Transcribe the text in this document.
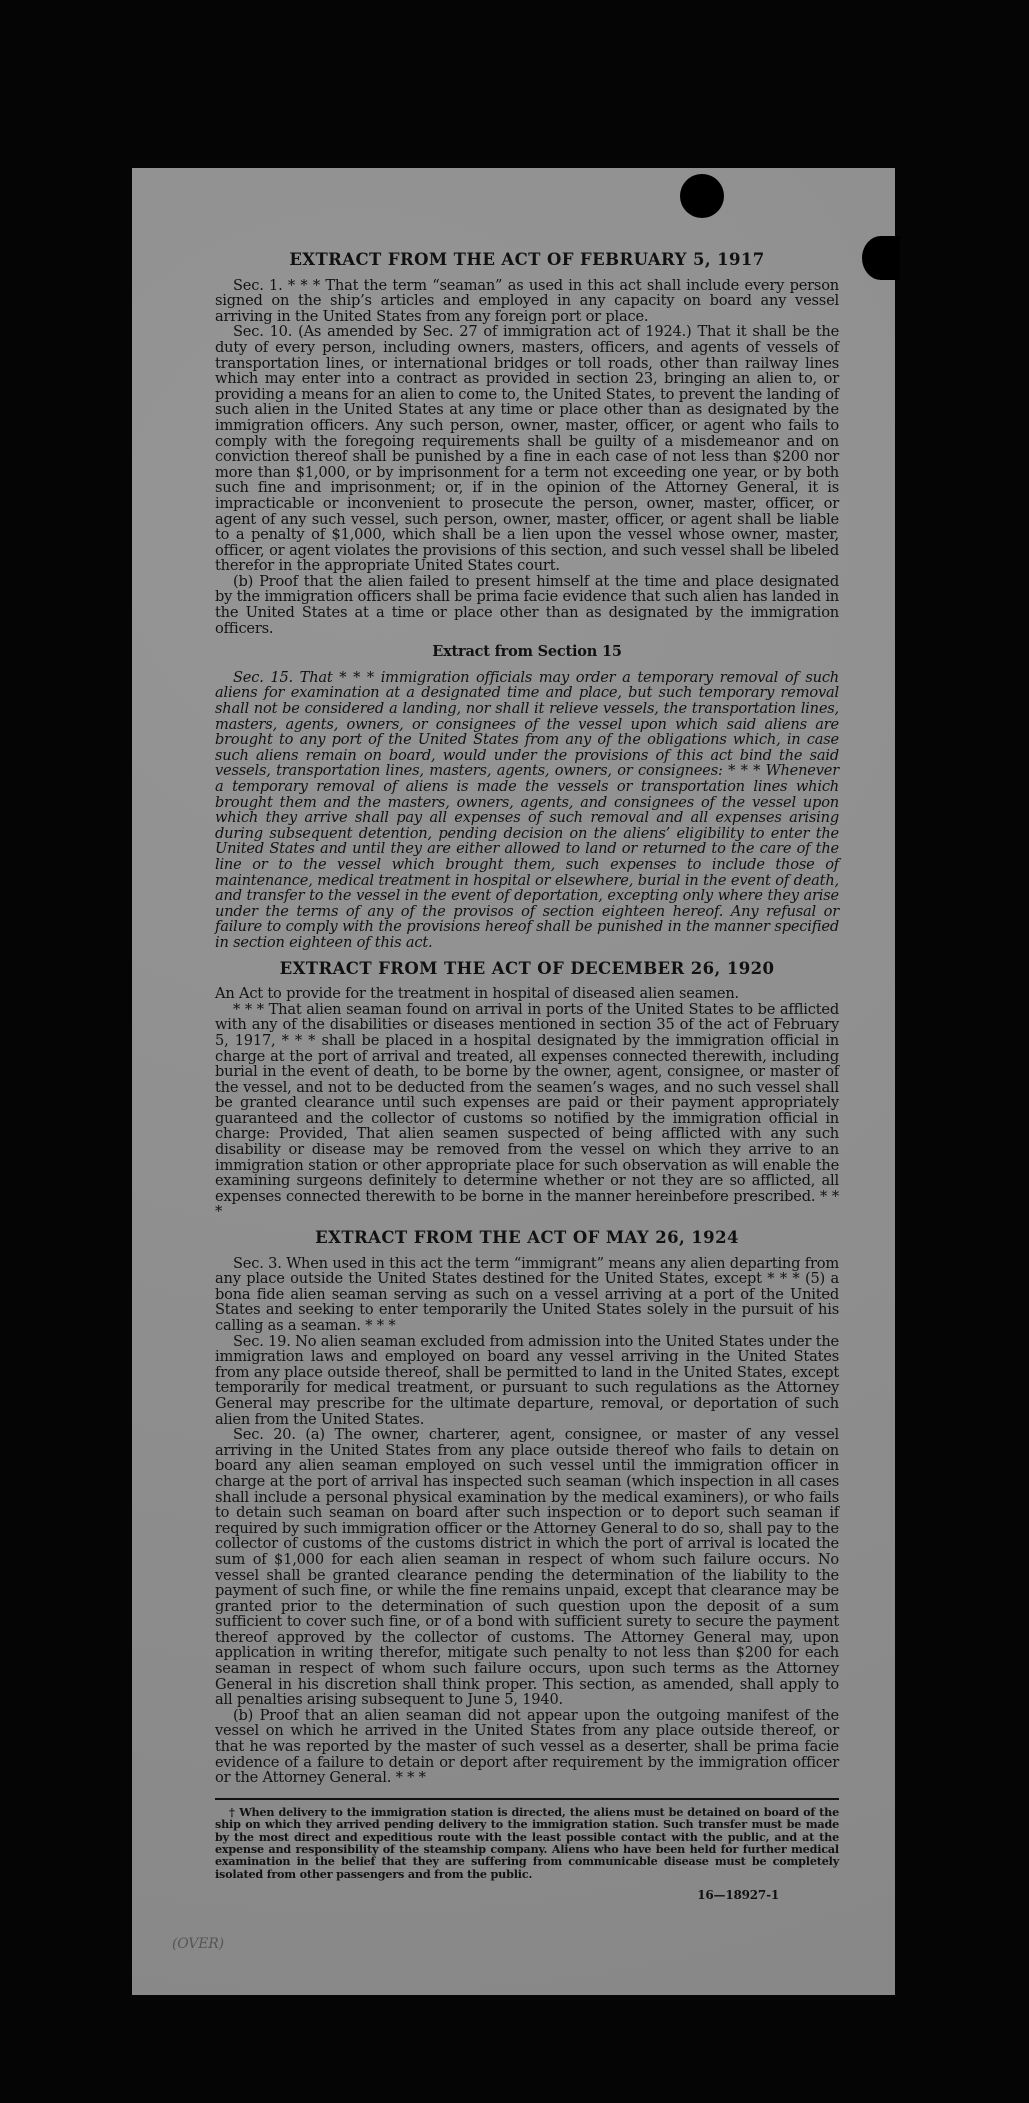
EXTRACT FROM THE ACT OF FEBRUARY 5, 1917

Sec. 1. * * * That the term “seaman” as used in this act shall include every person signed on the ship’s articles and employed in any capacity on board any vessel arriving in the United States from any foreign port or place.

Sec. 10. (As amended by Sec. 27 of immigration act of 1924.) That it shall be the duty of every person, including owners, masters, officers, and agents of vessels of transportation lines, or international bridges or toll roads, other than railway lines which may enter into a contract as provided in section 23, bringing an alien to, or providing a means for an alien to come to, the United States, to prevent the landing of such alien in the United States at any time or place other than as designated by the immigration officers. Any such person, owner, master, officer, or agent who fails to comply with the foregoing requirements shall be guilty of a misdemeanor and on conviction thereof shall be punished by a fine in each case of not less than $200 nor more than $1,000, or by imprisonment for a term not exceeding one year, or by both such fine and imprisonment; or, if in the opinion of the Attorney General, it is impracticable or inconvenient to prosecute the person, owner, master, officer, or agent of any such vessel, such person, owner, master, officer, or agent shall be liable to a penalty of $1,000, which shall be a lien upon the vessel whose owner, master, officer, or agent violates the provisions of this section, and such vessel shall be libeled therefor in the appropriate United States court.

(b) Proof that the alien failed to present himself at the time and place designated by the immigration officers shall be prima facie evidence that such alien has landed in the United States at a time or place other than as designated by the immigration officers.

Extract from Section 15

Sec. 15. That * * * immigration officials may order a temporary removal of such aliens for examination at a designated time and place, but such temporary removal shall not be considered a landing, nor shall it relieve vessels, the transportation lines, masters, agents, owners, or consignees of the vessel upon which said aliens are brought to any port of the United States from any of the obligations which, in case such aliens remain on board, would under the provisions of this act bind the said vessels, transportation lines, masters, agents, owners, or consignees: * * * Whenever a temporary removal of aliens is made the vessels or transportation lines which brought them and the masters, owners, agents, and consignees of the vessel upon which they arrive shall pay all expenses of such removal and all expenses arising during subsequent detention, pending decision on the aliens’ eligibility to enter the United States and until they are either allowed to land or returned to the care of the line or to the vessel which brought them, such expenses to include those of maintenance, medical treatment in hospital or elsewhere, burial in the event of death, and transfer to the vessel in the event of deportation, excepting only where they arise under the terms of any of the provisos of section eighteen hereof. Any refusal or failure to comply with the provisions hereof shall be punished in the manner specified in section eighteen of this act.

EXTRACT FROM THE ACT OF DECEMBER 26, 1920

An Act to provide for the treatment in hospital of diseased alien seamen.

* * * That alien seaman found on arrival in ports of the United States to be afflicted with any of the disabilities or diseases mentioned in section 35 of the act of February 5, 1917, * * * shall be placed in a hospital designated by the immigration official in charge at the port of arrival and treated, all expenses connected therewith, including burial in the event of death, to be borne by the owner, agent, consignee, or master of the vessel, and not to be deducted from the seamen’s wages, and no such vessel shall be granted clearance until such expenses are paid or their payment appropriately guaranteed and the collector of customs so notified by the immigration official in charge: Provided, That alien seamen suspected of being afflicted with any such disability or disease may be removed from the vessel on which they arrive to an immigration station or other appropriate place for such observation as will enable the examining surgeons definitely to determine whether or not they are so afflicted, all expenses connected therewith to be borne in the manner hereinbefore prescribed. * * *

EXTRACT FROM THE ACT OF MAY 26, 1924

Sec. 3. When used in this act the term “immigrant” means any alien departing from any place outside the United States destined for the United States, except * * * (5) a bona fide alien seaman serving as such on a vessel arriving at a port of the United States and seeking to enter temporarily the United States solely in the pursuit of his calling as a seaman. * * *

Sec. 19. No alien seaman excluded from admission into the United States under the immigration laws and employed on board any vessel arriving in the United States from any place outside thereof, shall be permitted to land in the United States, except temporarily for medical treatment, or pursuant to such regulations as the Attorney General may prescribe for the ultimate departure, removal, or deportation of such alien from the United States.

Sec. 20. (a) The owner, charterer, agent, consignee, or master of any vessel arriving in the United States from any place outside thereof who fails to detain on board any alien seaman employed on such vessel until the immigration officer in charge at the port of arrival has inspected such seaman (which inspection in all cases shall include a personal physical examination by the medical examiners), or who fails to detain such seaman on board after such inspection or to deport such seaman if required by such immigration officer or the Attorney General to do so, shall pay to the collector of customs of the customs district in which the port of arrival is located the sum of $1,000 for each alien seaman in respect of whom such failure occurs. No vessel shall be granted clearance pending the determination of the liability to the payment of such fine, or while the fine remains unpaid, except that clearance may be granted prior to the determination of such question upon the deposit of a sum sufficient to cover such fine, or of a bond with sufficient surety to secure the payment thereof approved by the collector of customs. The Attorney General may, upon application in writing therefor, mitigate such penalty to not less than $200 for each seaman in respect of whom such failure occurs, upon such terms as the Attorney General in his discretion shall think proper. This section, as amended, shall apply to all penalties arising subsequent to June 5, 1940.

(b) Proof that an alien seaman did not appear upon the outgoing manifest of the vessel on which he arrived in the United States from any place outside thereof, or that he was reported by the master of such vessel as a deserter, shall be prima facie evidence of a failure to detain or deport after requirement by the immigration officer or the Attorney General. * * *

† When delivery to the immigration station is directed, the aliens must be detained on board of the ship on which they arrived pending delivery to the immigration station. Such transfer must be made by the most direct and expeditious route with the least possible contact with the public, and at the expense and responsibility of the steamship company. Aliens who have been held for further medical examination in the belief that they are suffering from communicable disease must be completely isolated from other passengers and from the public.

16—18927-1
(OVER)
